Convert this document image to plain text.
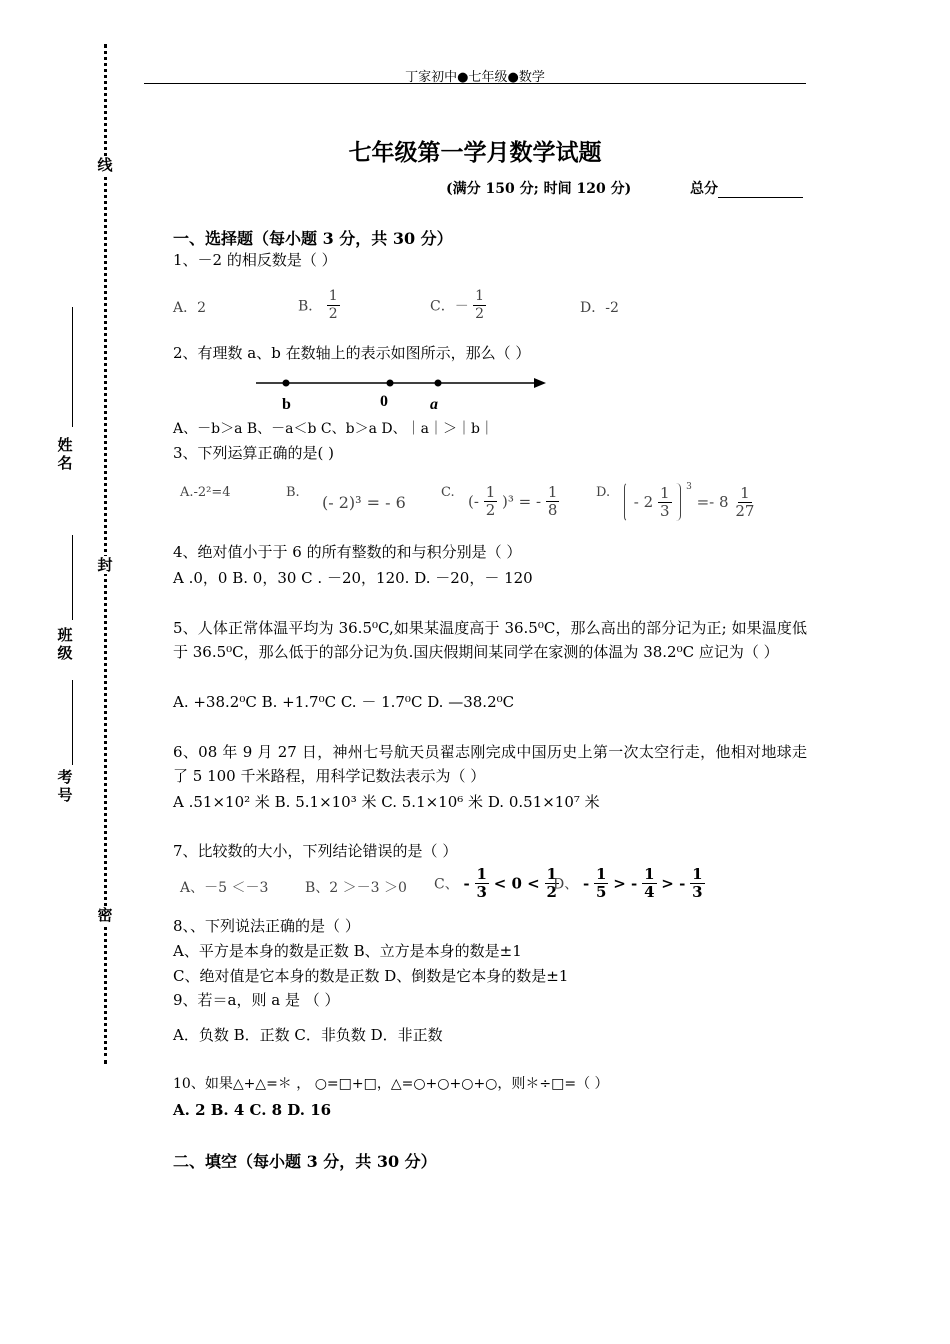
线
封
密
姓名
班级
考号
丁家初中●七年级●数学
七年级第一学月数学试题
(满分 150 分; 时间 120 分)	总分
一、选择题（每小题 3 分，共 30 分）
1、－2 的相反数是（ ）
A．2	B． $\frac{1}{2}$	C．－ $\frac{1}{2}$	D．-2
2、有理数 a、b 在数轴上的表示如图所示，那么（ ）
b	0	a
A、－b＞a B、－a＜b C、b＞a D、｜a｜＞｜b｜
3、下列运算正确的是( )
A.-2²=4	B.
(- 2)³ = - 6
C. (- $\frac{1}{2} )^3$ = - $\frac{1}{8}$	D.
- $2 \frac{1}{3} ^3 =- 8 \frac{1}{27}$
4、绝对值小于于 6 的所有整数的和与积分别是（ ）
A .0，0 B. 0，30 C . －20，120. D. －20，－ 120
5、人体正常体温平均为 36.5⁰C,如果某温度高于 36.5⁰C，那么高出的部分记为正; 如果温度低于 36.5⁰C，那么低于的部分记为负.国庆假期间某同学在家测的体温为 38.2⁰C 应记为（ ）
A. +38.2⁰C B. +1.7⁰C C. － 1.7⁰C D. —38.2⁰C
6、08 年 9 月 27 日，神州七号航天员翟志刚完成中国历史上第一次太空行走，他相对地球走了 5 100 千米路程，用科学记数法表示为（ ）
A .51×10² 米 B. 5.1×10³ 米 C. 5.1×10⁶ 米 D. 0.51×10⁷ 米
7、比较数的大小，下列结论错误的是（ ）
A、－5 ＜－3	B、2 ＞－3 ＞0 C、 - $\frac{1}{3} < 0 < \frac{1}{2}$
D、 - $\frac{1}{5}$ > - $\frac{1}{4}$ > - $\frac{1}{3}$
8、、下列说法正确的是（ ）
A、平方是本身的数是正数 B、立方是本身的数是±1
C、绝对值是它本身的数是正数 D、倒数是它本身的数是±1
9、若＝a，则 a 是 （ ）
A．负数 B．正数 C．非负数 D．非正数
10、如果△+△=＊ ， ○=□+□，△=○+○+○+○，则＊÷□=（ ）
A. 2 B. 4 C. 8 D. 16
二、填空（每小题 3 分，共 30 分）
